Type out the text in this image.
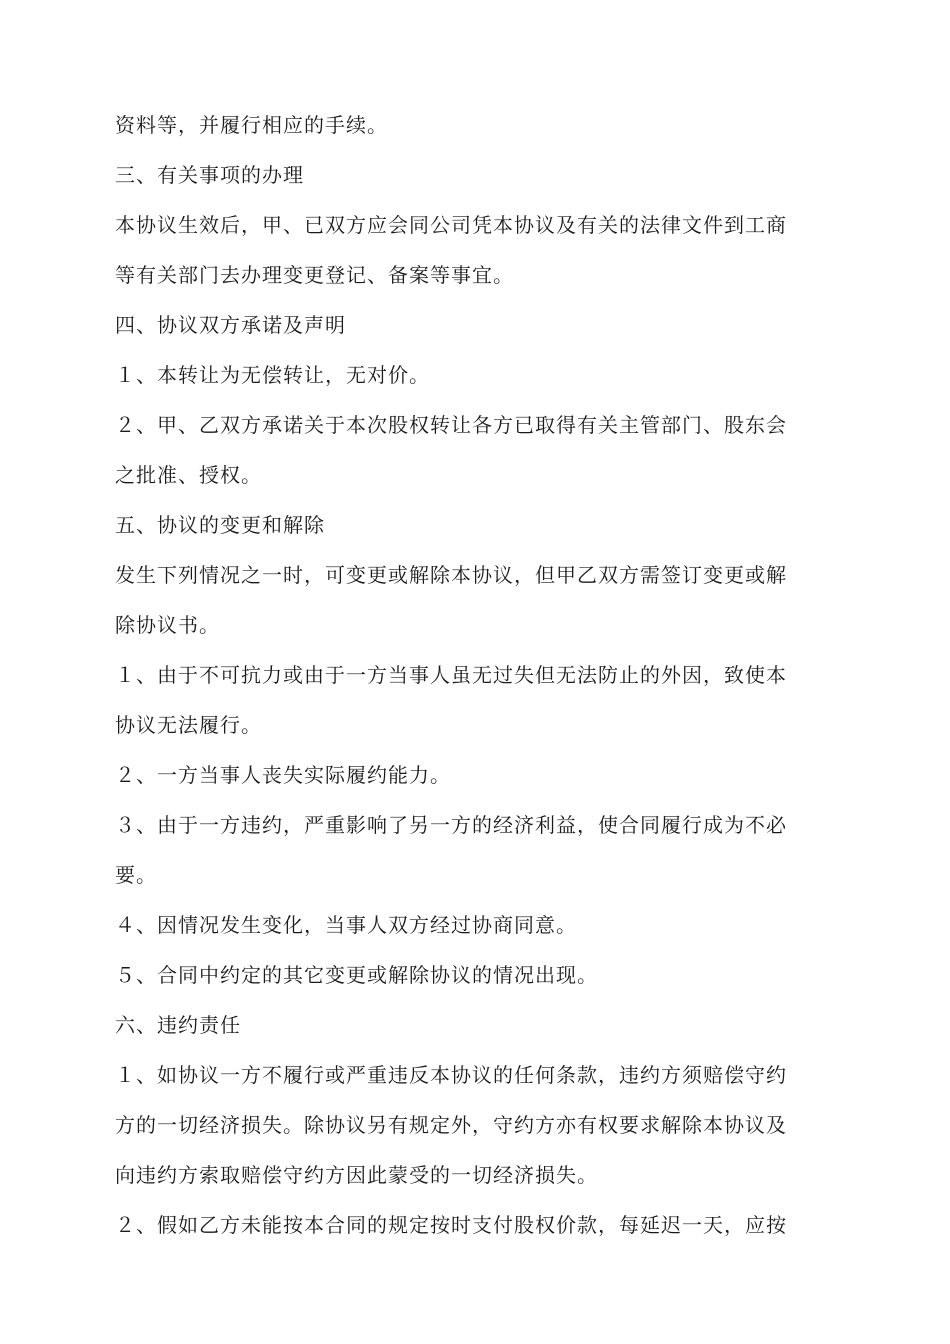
资料等，并履行相应的手续。
三、有关事项的办理
本协议生效后，甲、已双方应会同公司凭本协议及有关的法律文件到工商
等有关部门去办理变更登记、备案等事宜。
四、协议双方承诺及声明
１、本转让为无偿转让，无对价。
２、甲、乙双方承诺关于本次股权转让各方已取得有关主管部门、股东会
之批准、授权。
五、协议的变更和解除
发生下列情况之一时，可变更或解除本协议，但甲乙双方需签订变更或解
除协议书。
１、由于不可抗力或由于一方当事人虽无过失但无法防止的外因，致使本
协议无法履行。
２、一方当事人丧失实际履约能力。
３、由于一方违约，严重影响了另一方的经济利益，使合同履行成为不必
要。
４、因情况发生变化，当事人双方经过协商同意。
５、合同中约定的其它变更或解除协议的情况出现。
六、违约责任
１、如协议一方不履行或严重违反本协议的任何条款，违约方须赔偿守约
方的一切经济损失。除协议另有规定外，守约方亦有权要求解除本协议及
向违约方索取赔偿守约方因此蒙受的一切经济损失。
２、假如乙方未能按本合同的规定按时支付股权价款，每延迟一天，应按
